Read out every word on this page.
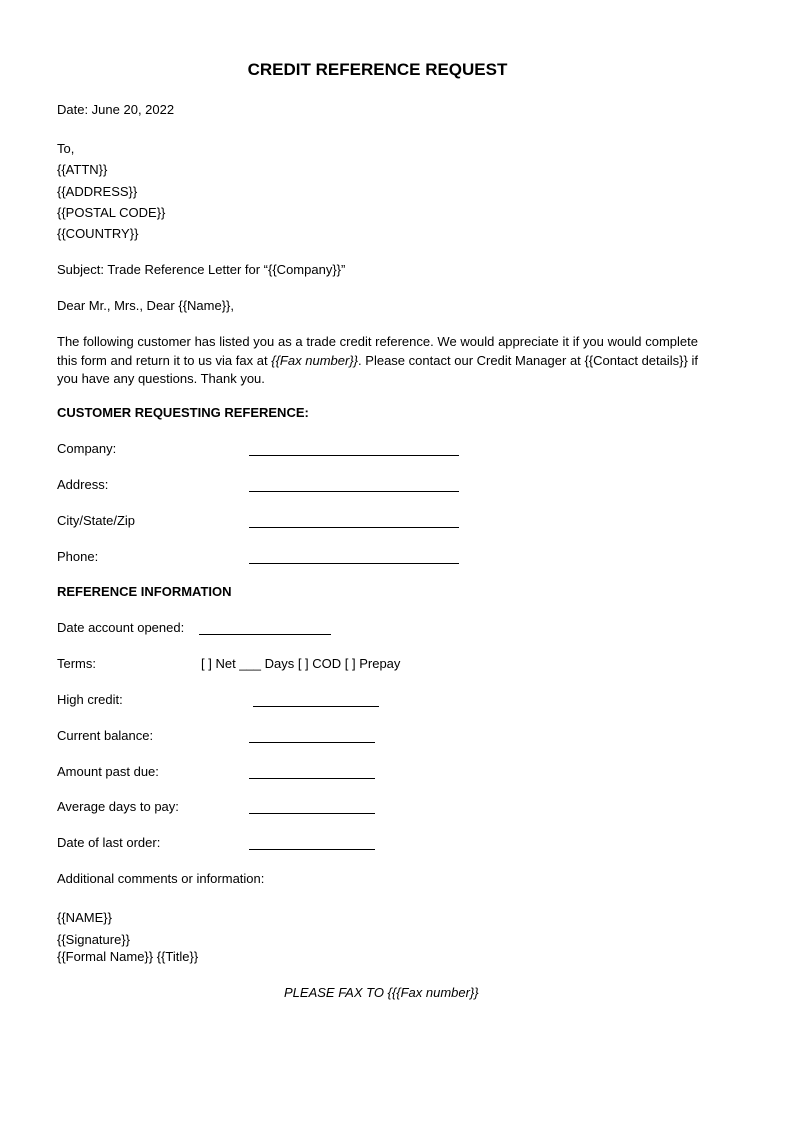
CREDIT REFERENCE REQUEST
Date: June 20, 2022
To,
{{ATTN}}
{{ADDRESS}}
{{POSTAL CODE}}
{{COUNTRY}}
Subject: Trade Reference Letter for “{{Company}}”
Dear Mr., Mrs., Dear {{Name}},
The following customer has listed you as a trade credit reference. We would appreciate it if you would complete this form and return it to us via fax at {{Fax number}}. Please contact our Credit Manager at {{Contact details}} if you have any questions. Thank you.
CUSTOMER REQUESTING REFERENCE:
Company:
Address:
City/State/Zip
Phone:
REFERENCE INFORMATION
Date account opened:
Terms:	[ ] Net ___ Days [ ] COD [ ] Prepay
High credit:
Current balance:
Amount past due:
Average days to pay:
Date of last order:
Additional comments or information:
{{NAME}}
{{Signature}}
{{Formal Name}} {{Title}}
PLEASE FAX TO {{{Fax number}}
